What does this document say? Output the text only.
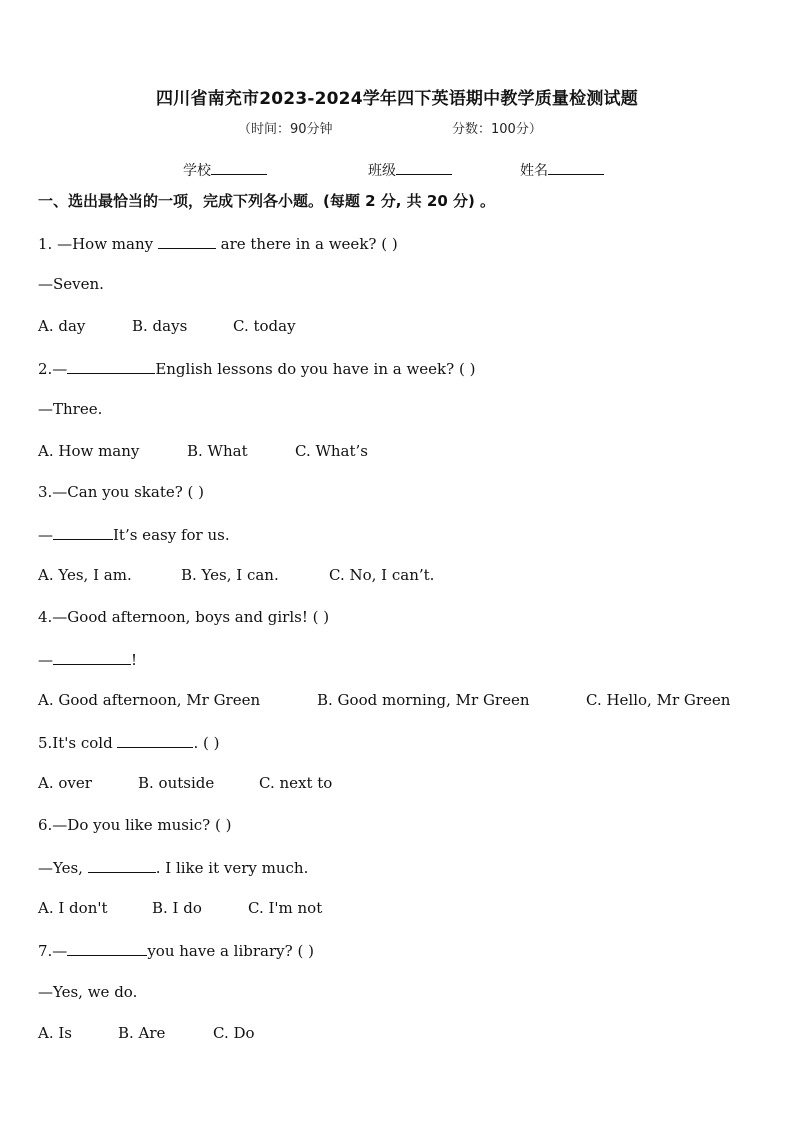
四川省南充市2023-2024学年四下英语期中教学质量检测试题
（时间：90分钟	分数：100分）
学校	班级	姓名
一、选出最恰当的一项，完成下列各小题。(每题 2 分, 共 20 分) 。
1. —How many	are there in a week? ( )
—Seven.
A. day	B. days	C. today
2.—	English lessons do you have in a week? ( )
—Three.
A. How many	B. What	C. What’s
3.—Can you skate? ( )
—	It’s easy for us.
A. Yes, I am.	B. Yes, I can.	C. No, I can’t.
4.—Good afternoon, boys and girls! ( )
—	!
A. Good afternoon, Mr Green	B. Good morning, Mr Green	C. Hello, Mr Green
5.It's cold	. ( )
A. over	B. outside	C. next to
6.—Do you like music? ( )
—Yes,	. I like it very much.
A. I don't	B. I do	C. I'm not
7.—	you have a library? ( )
—Yes, we do.
A. Is	B. Are	C. Do
